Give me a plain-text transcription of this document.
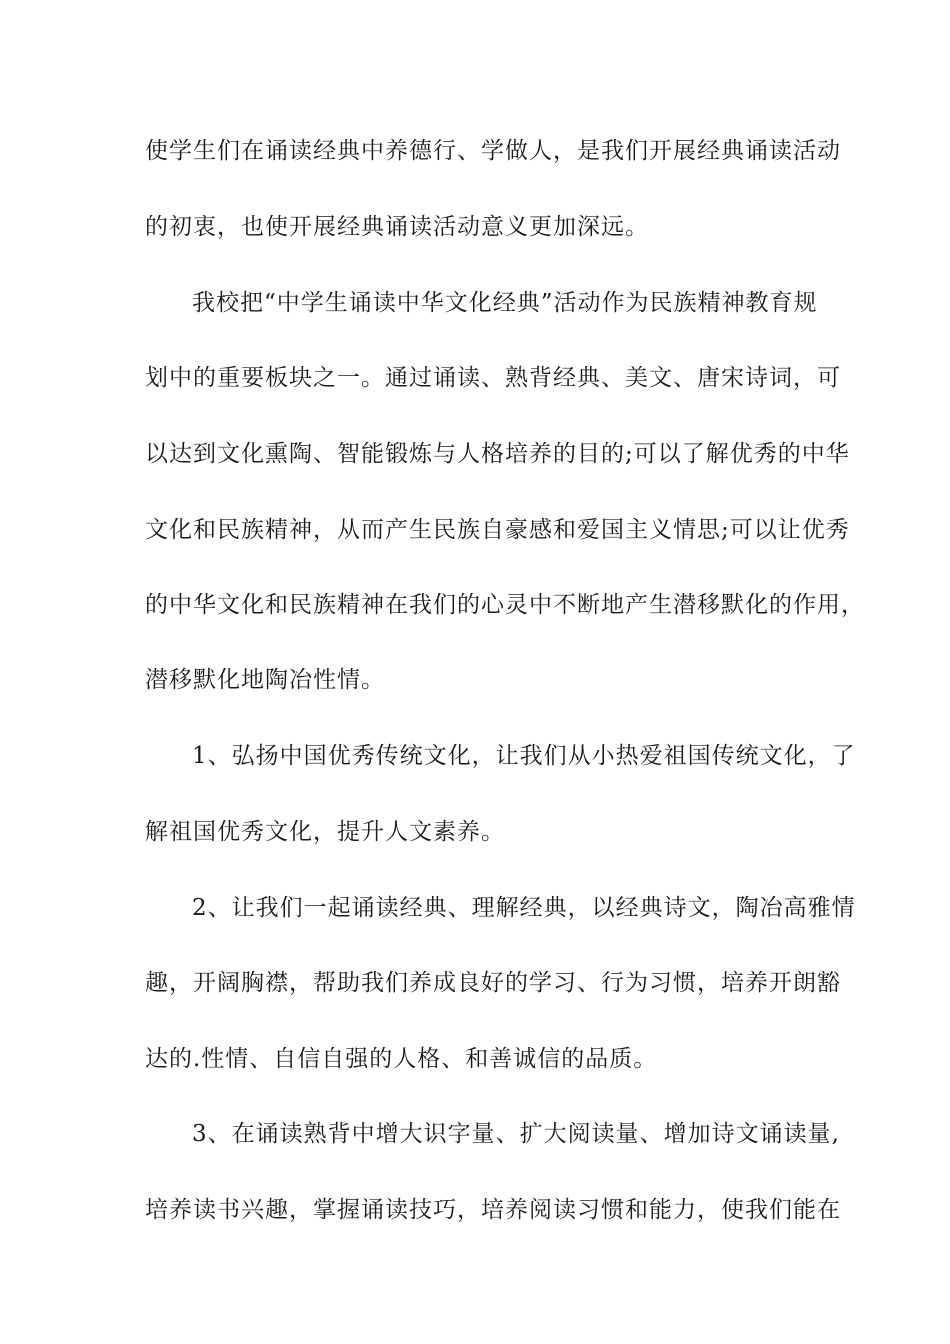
使学生们在诵读经典中养德行、学做人，是我们开展经典诵读活动
的初衷，也使开展经典诵读活动意义更加深远。
我校把“中学生诵读中华文化经典”活动作为民族精神教育规
划中的重要板块之一。通过诵读、熟背经典、美文、唐宋诗词，可
以达到文化熏陶、智能锻炼与人格培养的目的;可以了解优秀的中华
文化和民族精神，从而产生民族自豪感和爱国主义情思;可以让优秀
的中华文化和民族精神在我们的心灵中不断地产生潜移默化的作用，
潜移默化地陶冶性情。
1、弘扬中国优秀传统文化，让我们从小热爱祖国传统文化，了
解祖国优秀文化，提升人文素养。
2、让我们一起诵读经典、理解经典，以经典诗文，陶冶高雅情
趣，开阔胸襟，帮助我们养成良好的学习、行为习惯，培养开朗豁
达的.性情、自信自强的人格、和善诚信的品质。
3、在诵读熟背中增大识字量、扩大阅读量、增加诗文诵读量,
培养读书兴趣，掌握诵读技巧，培养阅读习惯和能力，使我们能在
